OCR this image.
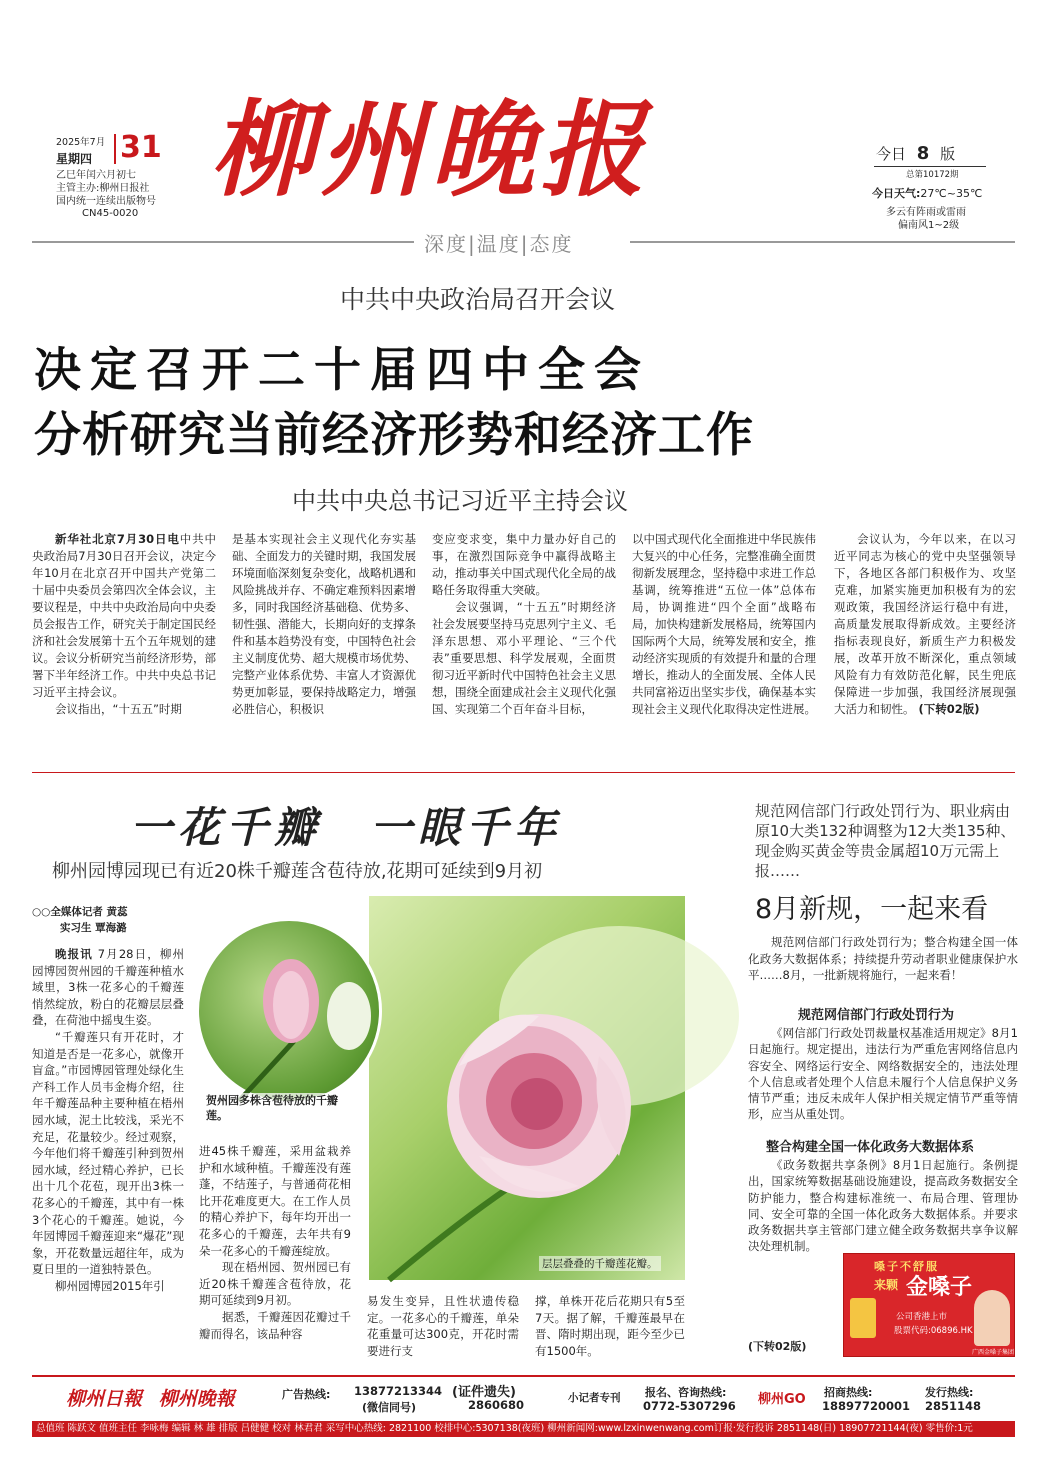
2025年7月
星期四 31
乙巳年闰六月初七
主管主办:柳州日报社
国内统一连续出版物号
CN45-0020
柳州晚报	今日 8 版
总第10172期
今日天气:27℃~35℃
多云有阵雨或雷雨
偏南风1~2级
深度|温度|态度
中共中央政治局召开会议
决定召开二十届四中全会
分析研究当前经济形势和经济工作
中共中央总书记习近平主持会议

新华社北京7月30日电中共中央政治局7月30日召开会议，决定今年10月在北京召开中国共产党第二十届中央委员会第四次全体会议，主要议程是，中共中央政治局向中央委员会报告工作，研究关于制定国民经济和社会发展第十五个五年规划的建议。会议分析研究当前经济形势，部署下半年经济工作。中共中央总书记习近平主持会议。

会议指出，“十五五”时期

是基本实现社会主义现代化夯实基础、全面发力的关键时期，我国发展环境面临深刻复杂变化，战略机遇和风险挑战并存、不确定难预料因素增多，同时我国经济基础稳、优势多、韧性强、潜能大，长期向好的支撑条件和基本趋势没有变，中国特色社会主义制度优势、超大规模市场优势、完整产业体系优势、丰富人才资源优势更加彰显，要保持战略定力，增强必胜信心，积极识

变应变求变，集中力量办好自己的事，在激烈国际竞争中赢得战略主动，推动事关中国式现代化全局的战略任务取得重大突破。

会议强调，“十五五”时期经济社会发展要坚持马克思列宁主义、毛泽东思想、邓小平理论、“三个代表”重要思想、科学发展观，全面贯彻习近平新时代中国特色社会主义思想，围绕全面建成社会主义现代化强国、实现第二个百年奋斗目标，

以中国式现代化全面推进中华民族伟大复兴的中心任务，完整准确全面贯彻新发展理念，坚持稳中求进工作总基调，统筹推进“五位一体”总体布局，协调推进“四个全面”战略布局，加快构建新发展格局，统筹国内国际两个大局，统筹发展和安全，推动经济实现质的有效提升和量的合理增长，推动人的全面发展、全体人民共同富裕迈出坚实步伐，确保基本实现社会主义现代化取得决定性进展。

会议认为，今年以来，在以习近平同志为核心的党中央坚强领导下，各地区各部门积极作为、攻坚克难，加紧实施更加积极有为的宏观政策，我国经济运行稳中有进，高质量发展取得新成效。主要经济指标表现良好，新质生产力积极发展，改革开放不断深化，重点领域风险有力有效防范化解，民生兜底保障进一步加强，我国经济展现强大活力和韧性。 (下转02版)

一花千瓣　一眼千年
柳州园博园现已有近20株千瓣莲含苞待放,花期可延续到9月初
○○全媒体记者 黄蕊
实习生 覃海潞

晚报讯 7月28日，柳州园博园贺州园的千瓣莲种植水域里，3株一花多心的千瓣莲悄然绽放，粉白的花瓣层层叠叠，在荷池中摇曳生姿。

“千瓣莲只有开花时，才知道是否是一花多心，就像开盲盒。”市园博园管理处绿化生产科工作人员韦金梅介绍，往年千瓣莲品种主要种植在梧州园水域，泥土比较浅，采光不充足，花量较少。经过观察，今年他们将千瓣莲引种到贺州园水域，经过精心养护，已长出十几个花苞，现开出3株一花多心的千瓣莲，其中有一株3个花心的千瓣莲。她说，今年园博园千瓣莲迎来“爆花”现象，开花数量远超往年，成为夏日里的一道独特景色。

柳州园博园2015年引

层层叠叠的千瓣莲花瓣。
贺州园多株含苞待放的千瓣莲。

进45株千瓣莲，采用盆栽养护和水域种植。千瓣莲没有莲蓬，不结莲子，与普通荷花相比开花难度更大。在工作人员的精心养护下，每年均开出一花多心的千瓣莲，去年共有9朵一花多心的千瓣莲绽放。

现在梧州园、贺州园已有近20株千瓣莲含苞待放，花期可延续到9月初。

据悉，千瓣莲因花瓣过千瓣而得名，该品种容

易发生变异，且性状遗传稳定。一花多心的千瓣莲，单朵花重量可达300克，开花时需要进行支
撑，单株开花后花期只有5至7天。据了解，千瓣莲最早在晋、隋时期出现，距今至少已有1500年。
规范网信部门行政处罚行为、职业病由原10大类132种调整为12大类135种、现金购买黄金等贵金属超10万元需上报……
8月新规，一起来看

规范网信部门行政处罚行为；整合构建全国一体化政务大数据体系；持续提升劳动者职业健康保护水平……8月，一批新规将施行，一起来看！

规范网信部门行政处罚行为

《网信部门行政处罚裁量权基准适用规定》8月1日起施行。规定提出，违法行为严重危害网络信息内容安全、网络运行安全、网络数据安全的，违法处理个人信息或者处理个人信息未履行个人信息保护义务情节严重；违反未成年人保护相关规定情节严重等情形，应当从重处罚。

整合构建全国一体化政务大数据体系

《政务数据共享条例》8月1日起施行。条例提出，国家统筹数据基础设施建设，提高政务数据安全防护能力，整合构建标准统一、布局合理、管理协同、安全可靠的全国一体化政务大数据体系。并要求政务数据共享主管部门建立健全政务数据共享争议解决处理机制。

(下转02版)
嗓子不舒服
来颗 金嗓子
公司香港上市
股票代码:06896.HK
广西金嗓子集团 荣获人一级
柳州日報 柳州晚報	广告热线: 13877213344
(微信同号)
(证件遗失)
2860680	小记者专刊 报名、咨询热线:
0772-5307296 柳州GO 招商热线:
18897720001
发行热线:
2851148
总值班 陈跃文 值班主任 李咏梅 编辑 林 雄 排版 吕健健 校对 林君君 采写中心热线: 2821100 校排中心:5307138(夜班) 柳州新闻网:www.lzxinwenwang.com订报·发行投诉 2851148(日) 18907721144(夜) 零售价:1元
